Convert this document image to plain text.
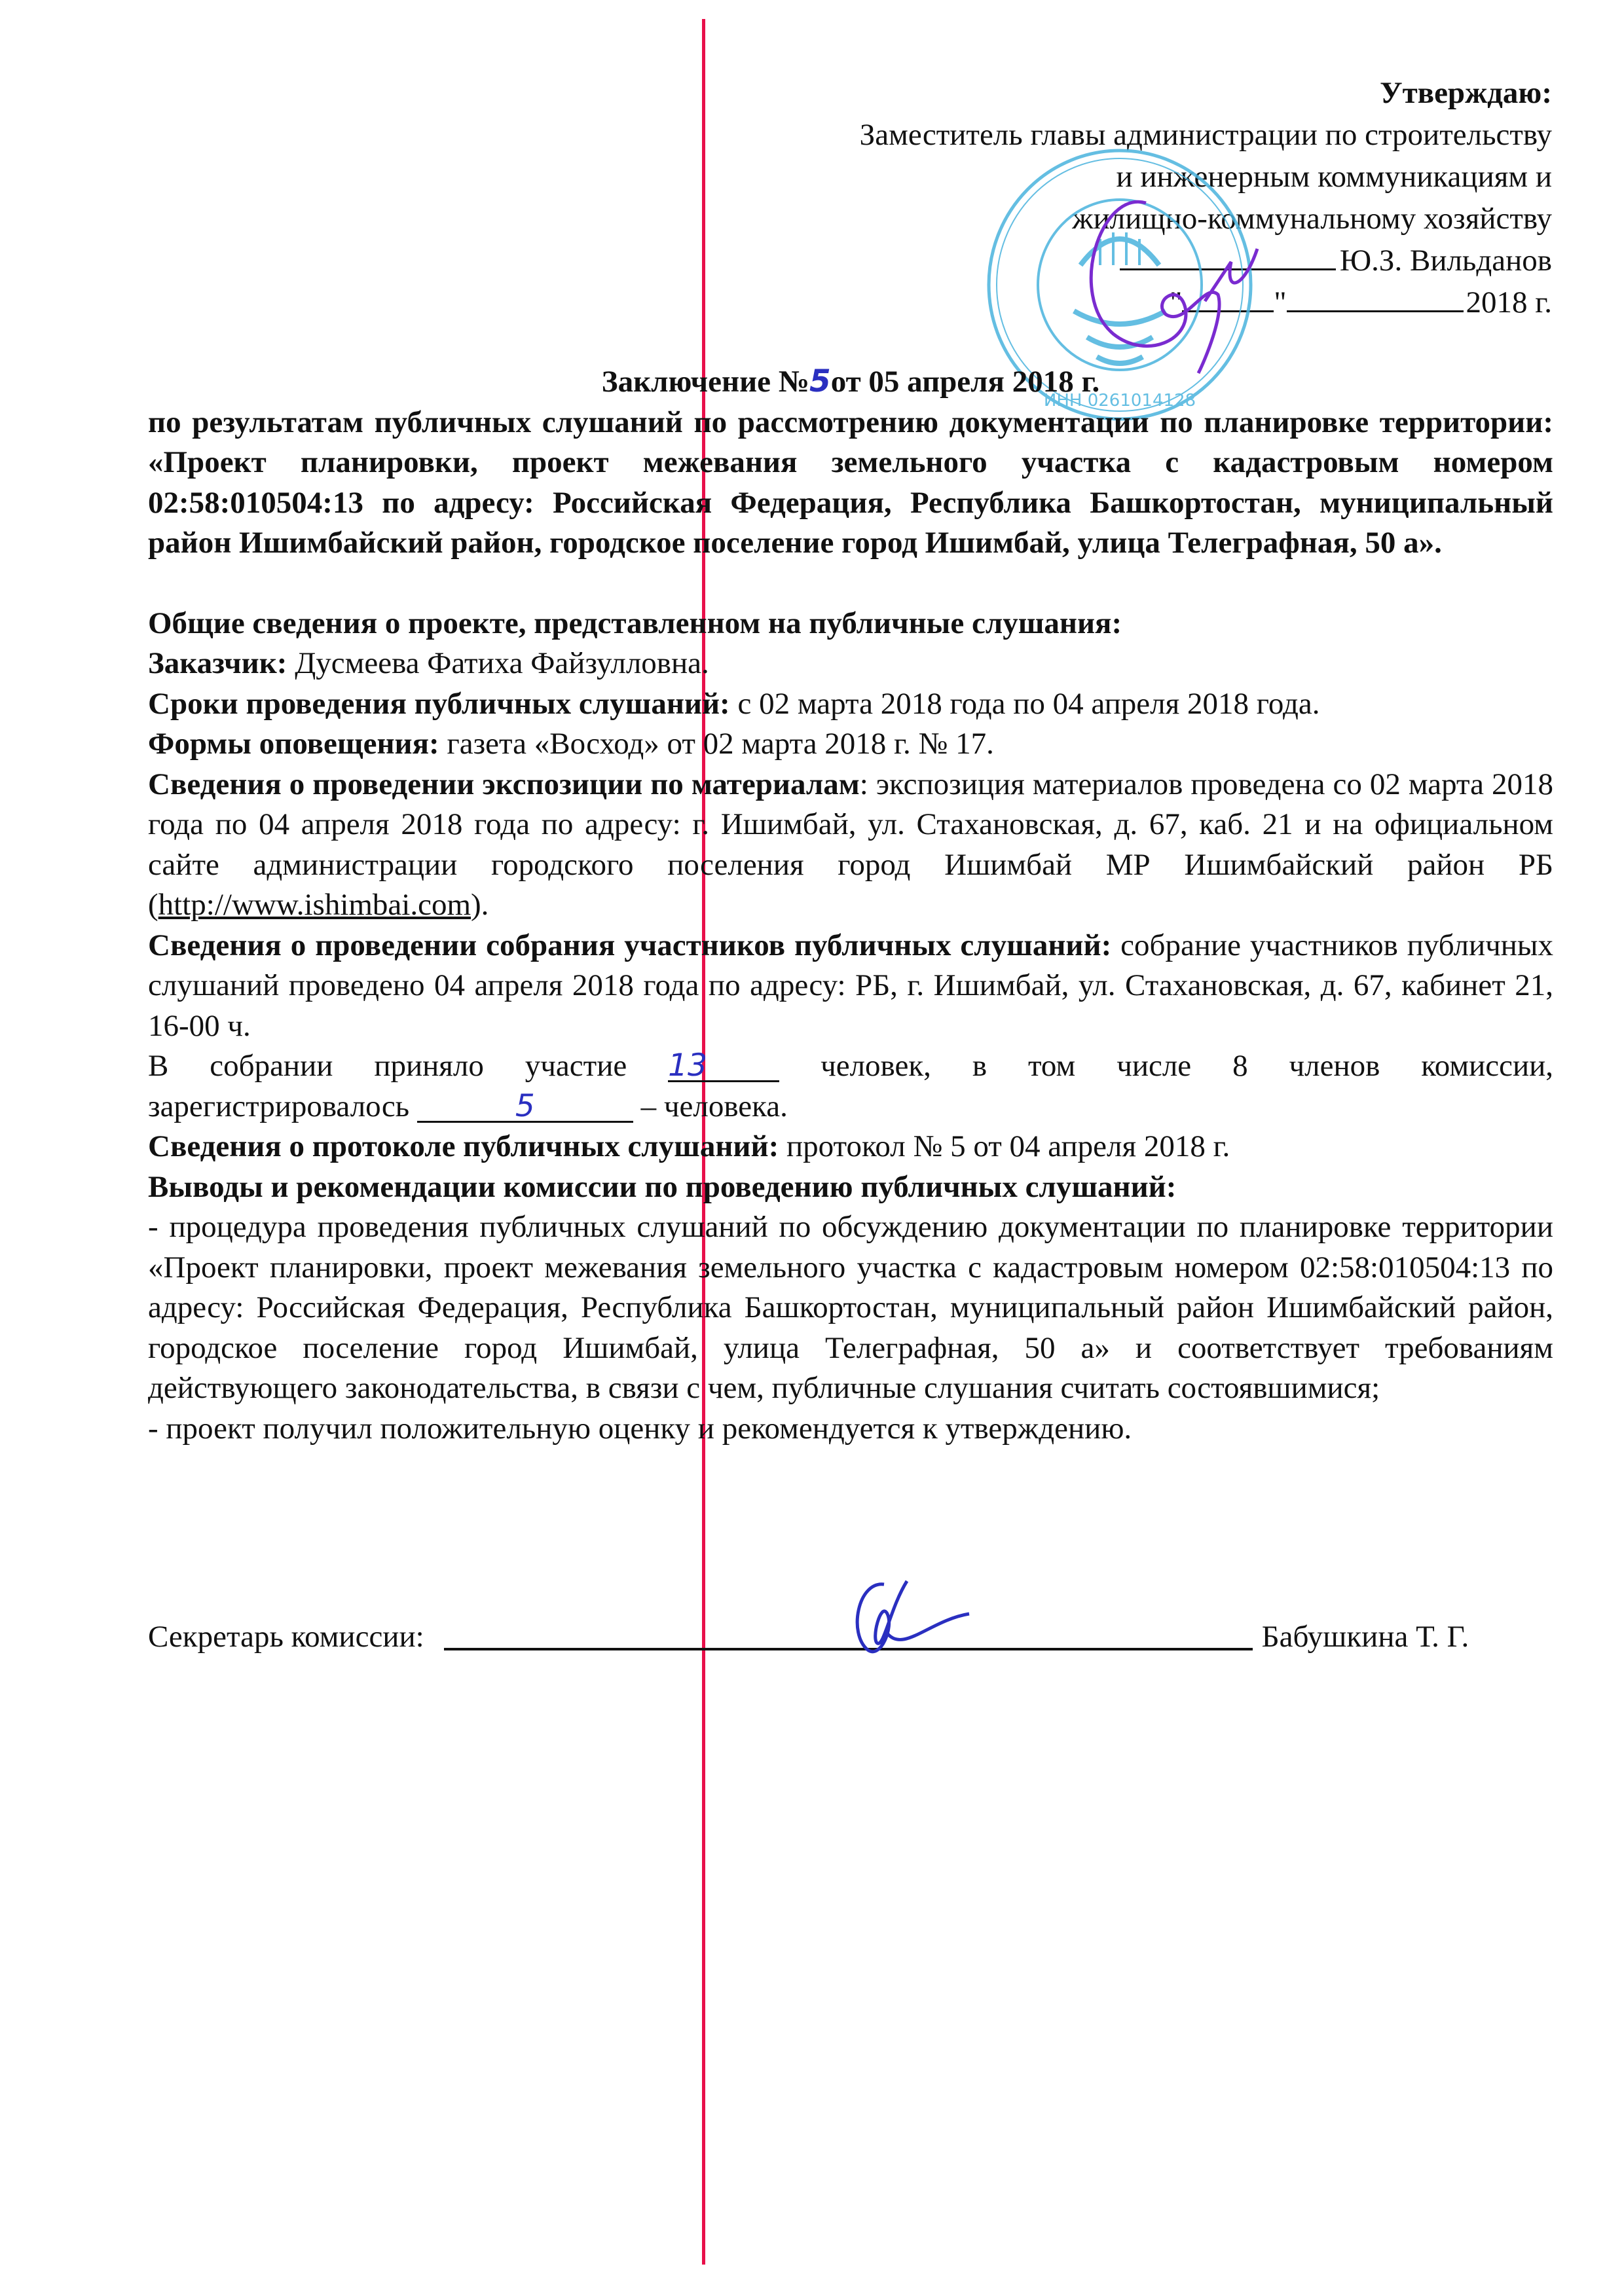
Утверждаю:
Заместитель главы администрации по строительству
и инженерным коммуникациям и
жилищно-коммунальному хозяйству
Ю.З. Вильданов
"	"	2018 г.
ИНН 0261014128

Заключение №5от 05 апреля 2018 г.

по результатам публичных слушаний по рассмотрению документации по планировке территории: «Проект планировки, проект межевания земельного участка с кадастровым номером 02:58:010504:13 по адресу: Российская Федерация, Республика Башкортостан, муниципальный район Ишимбайский район, городское поселение город Ишимбай, улица Телеграфная, 50 а».

Общие сведения о проекте, представленном на публичные слушания:

Заказчик: Дусмеева Фатиха Файзулловна.

Сроки проведения публичных слушаний: с 02 марта 2018 года по 04 апреля 2018 года.

Формы оповещения: газета «Восход» от 02 марта 2018 г. № 17.

Сведения о проведении экспозиции по материалам: экспозиция материалов проведена со 02 марта 2018 года по 04 апреля 2018 года по адресу: г. Ишимбай, ул. Стахановская, д. 67, каб. 21 и на официальном сайте администрации городского поселения город Ишимбай МР Ишимбайский район РБ (http://www.ishimbai.com).

Сведения о проведении собрания участников публичных слушаний: собрание участников публичных слушаний проведено 04 апреля 2018 года по адресу: РБ, г. Ишимбай, ул. Стахановская, д. 67, кабинет 21, 16-00 ч.

В собрании приняло участие 13 человек, в том числе 8 членов комиссии,

зарегистрировалось	5	– человека.

Сведения о протоколе публичных слушаний: протокол № 5 от 04 апреля 2018 г.

Выводы и рекомендации комиссии по проведению публичных слушаний:

- процедура проведения публичных слушаний по обсуждению документации по планировке территории «Проект планировки, проект межевания земельного участка с кадастровым номером 02:58:010504:13 по адресу: Российская Федерация, Республика Башкортостан, муниципальный район Ишимбайский район, городское поселение город Ишимбай, улица Телеграфная, 50 а» и соответствует требованиям действующего законодательства, в связи с чем, публичные слушания считать состоявшимися;

- проект получил положительную оценку и рекомендуется к утверждению.

Секретарь комиссии:	Бабушкина Т. Г.
